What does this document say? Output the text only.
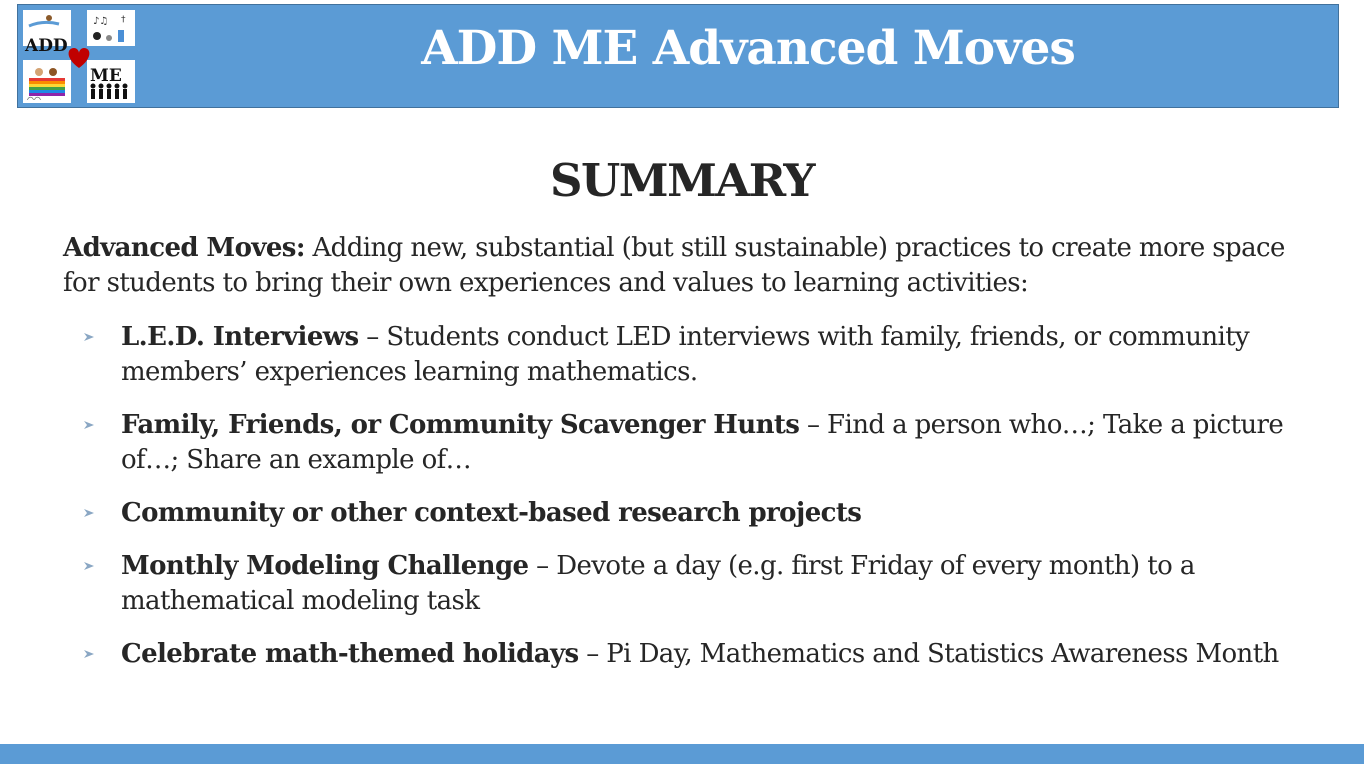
♪♫ †
◠◠
ADD
ME	ADD ME Advanced Moves
SUMMARY
Advanced Moves: Adding new, substantial (but still sustainable) practices to create more space for students to bring their own experiences and values to learning activities:
L.E.D. Interviews – Students conduct LED interviews with family, friends, or community members’ experiences learning mathematics.
Family, Friends, or Community Scavenger Hunts – Find a person who…; Take a picture of…; Share an example of…
Community or other context-based research projects
Monthly Modeling Challenge – Devote a day (e.g. first Friday of every month) to a mathematical modeling task
Celebrate math-themed holidays – Pi Day, Mathematics and Statistics Awareness Month
